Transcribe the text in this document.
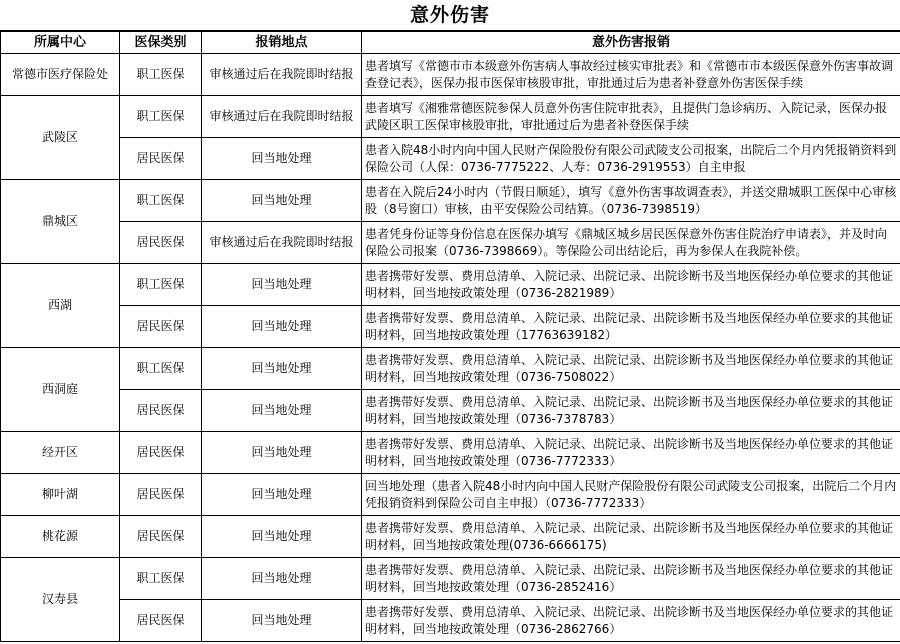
意外伤害
所属中心	医保类别	报销地点	意外伤害报销
常德市医疗保险处	职工医保	审核通过后在我院即时结报	患者填写《常德市市本级意外伤害病人事故经过核实审批表》和《常德市市本级医保意外伤害事故调查登记表》，医保办报市医保审核股审批，审批通过后为患者补登意外伤害医保手续
武陵区	职工医保	审核通过后在我院即时结报	患者填写《湘雅常德医院参保人员意外伤害住院审批表》，且提供门急诊病历、入院记录，医保办报武陵区职工医保审核股审批，审批通过后为患者补登医保手续
	居民医保	回当地处理	患者入院48小时内向中国人民财产保险股份有限公司武陵支公司报案，出院后二个月内凭报销资料到保险公司（人保：0736-7775222、人寿：0736-2919553）自主申报
鼎城区	职工医保	回当地处理	患者在入院后24小时内（节假日顺延），填写《意外伤害事故调查表》，并送交鼎城职工医保中心审核股（8号窗口）审核，由平安保险公司结算。（0736-7398519）
	居民医保	审核通过后在我院即时结报	患者凭身份证等身份信息在医保办填写《鼎城区城乡居民医保意外伤害住院治疗申请表》，并及时向保险公司报案（0736-7398669）。等保险公司出结论后，再为参保人在我院补偿。
西湖	职工医保	回当地处理	患者携带好发票、费用总清单、入院记录、出院记录、出院诊断书及当地医保经办单位要求的其他证明材料，回当地按政策处理（0736-2821989）
	居民医保	回当地处理	患者携带好发票、费用总清单、入院记录、出院记录、出院诊断书及当地医保经办单位要求的其他证明材料，回当地按政策处理（17763639182）
西洞庭	职工医保	回当地处理	患者携带好发票、费用总清单、入院记录、出院记录、出院诊断书及当地医保经办单位要求的其他证明材料，回当地按政策处理（0736-7508022）
	居民医保	回当地处理	患者携带好发票、费用总清单、入院记录、出院记录、出院诊断书及当地医保经办单位要求的其他证明材料，回当地按政策处理（0736-7378783）
经开区	居民医保	回当地处理	患者携带好发票、费用总清单、入院记录、出院记录、出院诊断书及当地医保经办单位要求的其他证明材料，回当地按政策处理（0736-7772333）
柳叶湖	居民医保	回当地处理	回当地处理（患者入院48小时内向中国人民财产保险股份有限公司武陵支公司报案，出院后二个月内凭报销资料到保险公司自主申报）（0736-7772333）
桃花源	居民医保	回当地处理	患者携带好发票、费用总清单、入院记录、出院记录、出院诊断书及当地医保经办单位要求的其他证明材料，回当地按政策处理(0736-6666175)
汉寿县	职工医保	回当地处理	患者携带好发票、费用总清单、入院记录、出院记录、出院诊断书及当地医保经办单位要求的其他证明材料，回当地按政策处理（0736-2852416）
	居民医保	回当地处理	患者携带好发票、费用总清单、入院记录、出院记录、出院诊断书及当地医保经办单位要求的其他证明材料，回当地按政策处理（0736-2862766）
